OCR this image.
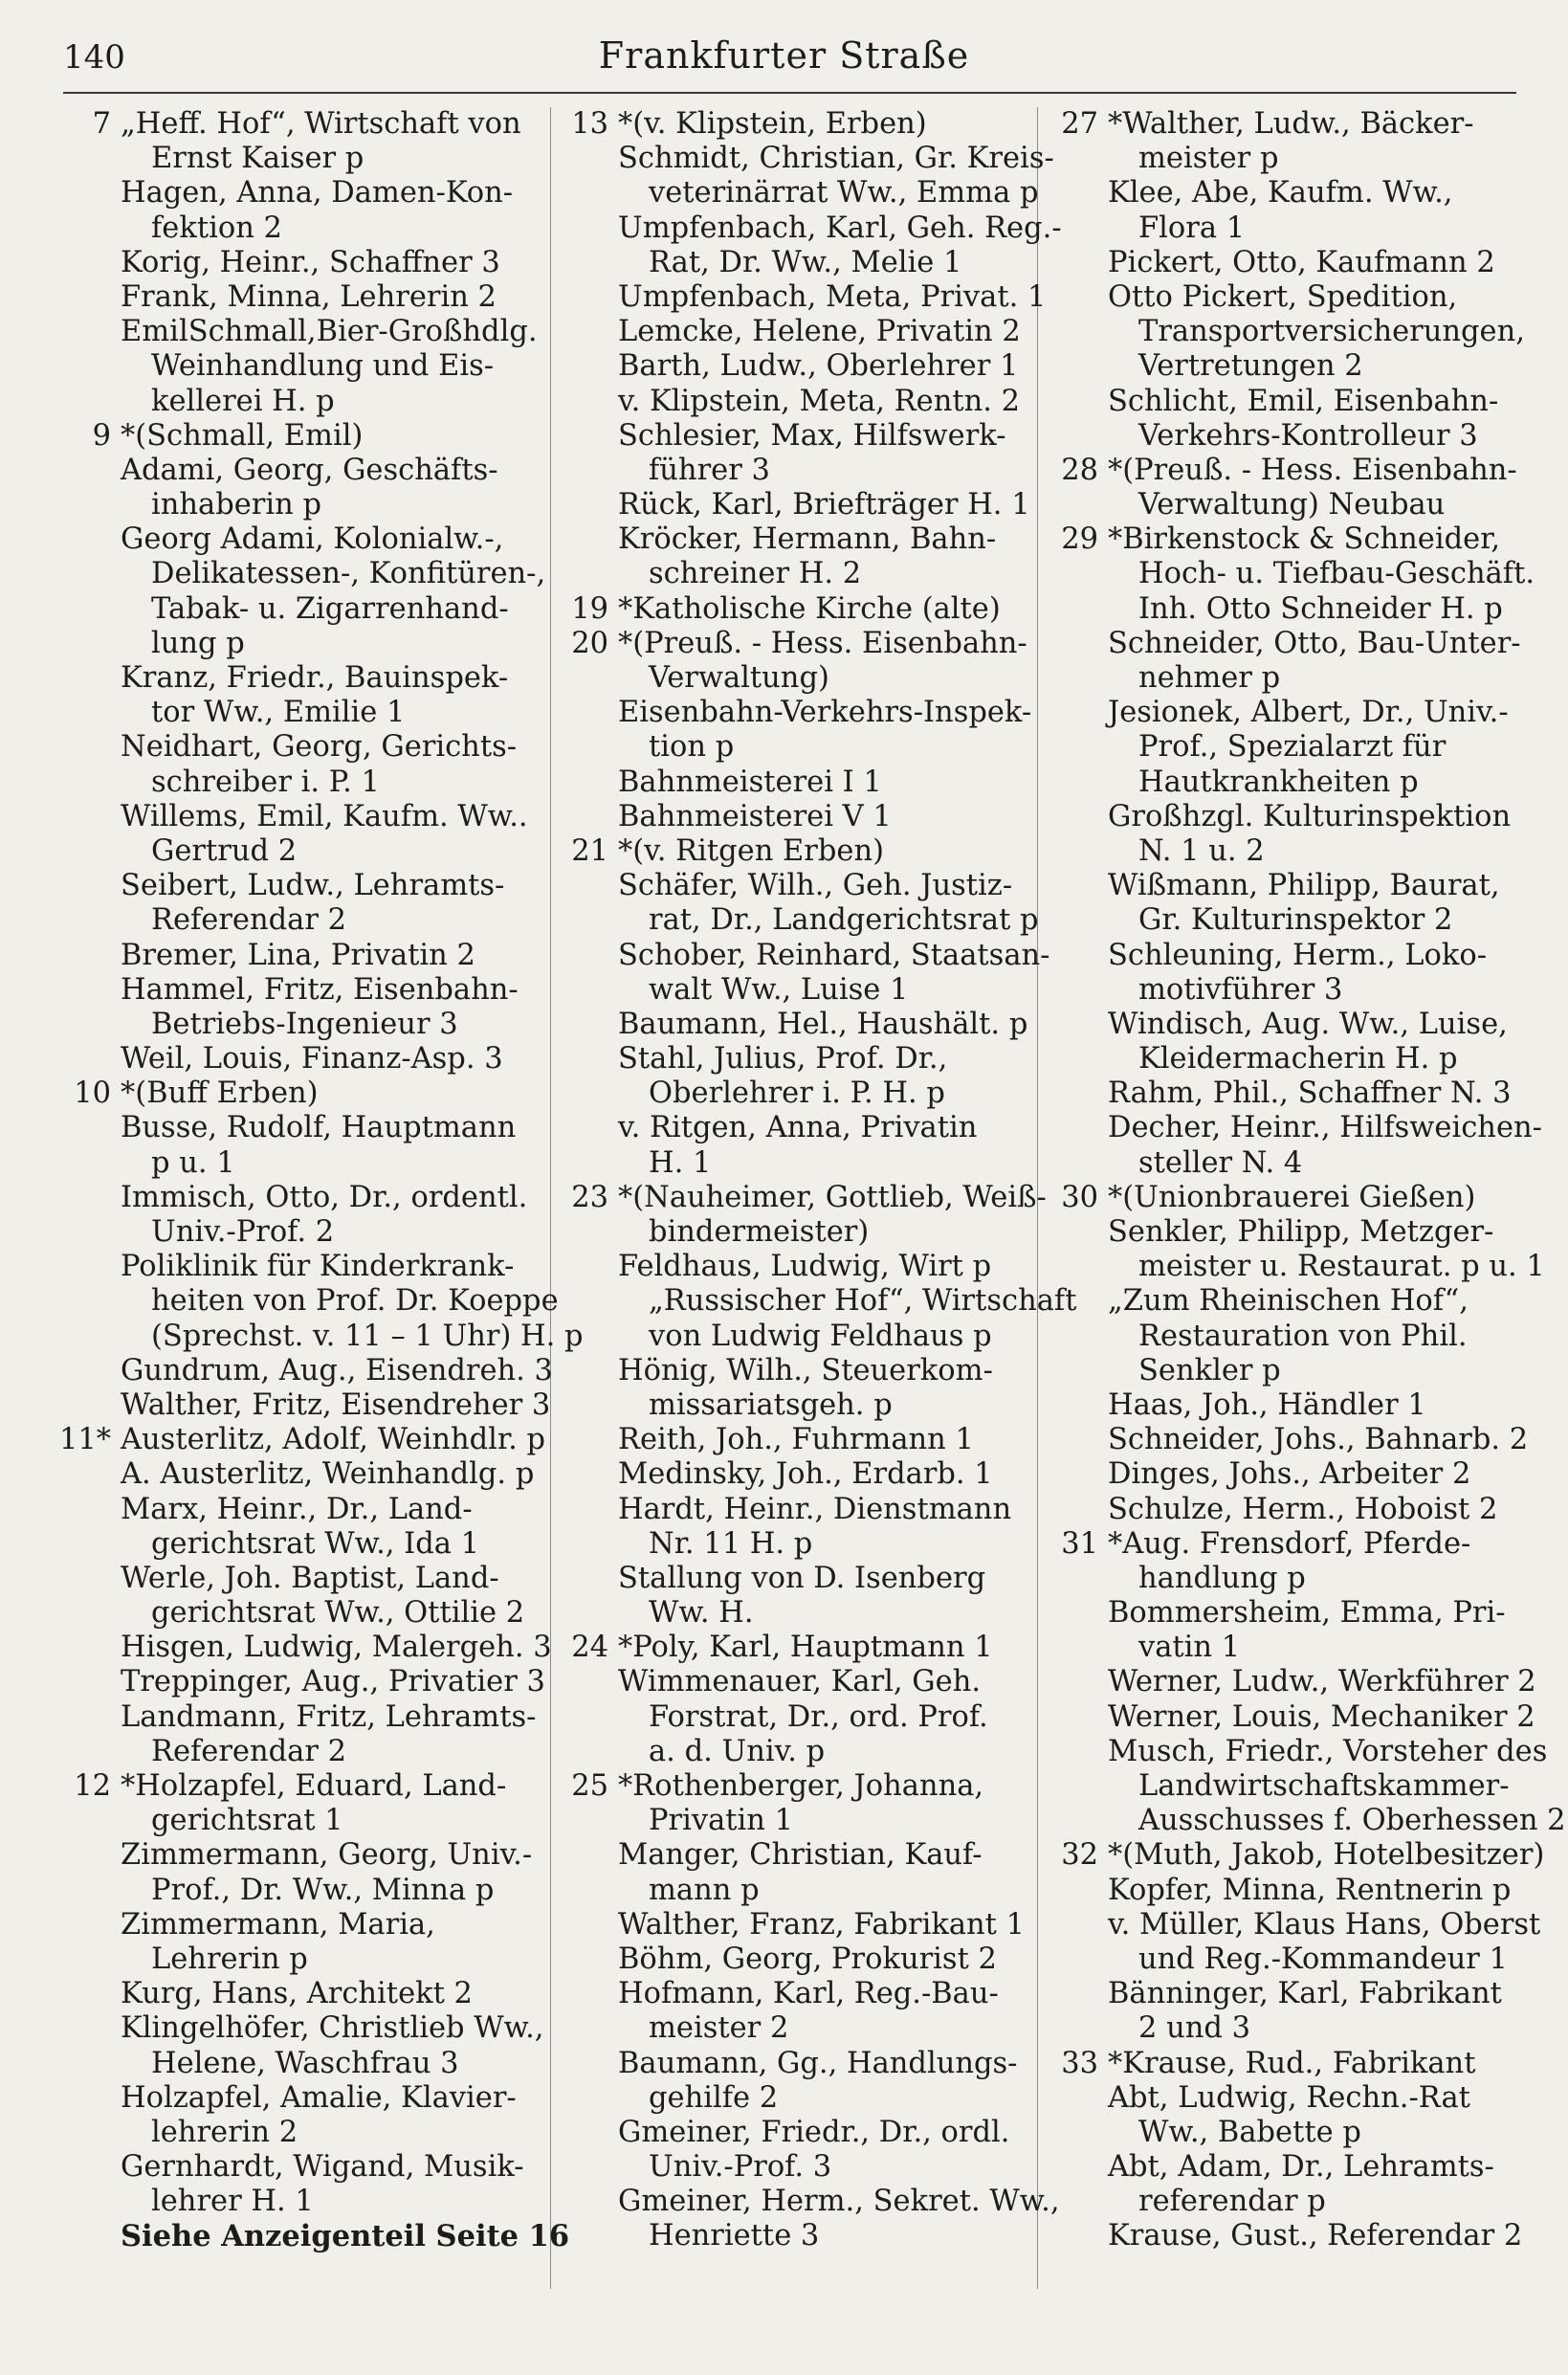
140	Frankfurter Straße
7 „Heff. Hof“, Wirtschaft von
Ernst Kaiser p
Hagen, Anna, Damen-Kon-
fektion 2
Korig, Heinr., Schaffner 3
Frank, Minna, Lehrerin 2
EmilSchmall,Bier-Großhdlg.
Weinhandlung und Eis-
kellerei H. p
9 *(Schmall, Emil)
Adami, Georg, Geschäfts-
inhaberin p
Georg Adami, Kolonialw.-,
Delikatessen-, Konfitüren-,
Tabak- u. Zigarrenhand-
lung p
Kranz, Friedr., Bauinspek-
tor Ww., Emilie 1
Neidhart, Georg, Gerichts-
schreiber i. P. 1
Willems, Emil, Kaufm. Ww..
Gertrud 2
Seibert, Ludw., Lehramts-
Referendar 2
Bremer, Lina, Privatin 2
Hammel, Fritz, Eisenbahn-
Betriebs-Ingenieur 3
Weil, Louis, Finanz-Asp. 3
10 *(Buff Erben)
Busse, Rudolf, Hauptmann
p u. 1
Immisch, Otto, Dr., ordentl.
Univ.-Prof. 2
Poliklinik für Kinderkrank-
heiten von Prof. Dr. Koeppe
(Sprechst. v. 11 – 1 Uhr) H. p
Gundrum, Aug., Eisendreh. 3
Walther, Fritz, Eisendreher 3
11* Austerlitz, Adolf, Weinhdlr. p
A. Austerlitz, Weinhandlg. p
Marx, Heinr., Dr., Land-
gerichtsrat Ww., Ida 1
Werle, Joh. Baptist, Land-
gerichtsrat Ww., Ottilie 2
Hisgen, Ludwig, Malergeh. 3
Treppinger, Aug., Privatier 3
Landmann, Fritz, Lehramts-
Referendar 2
12 *Holzapfel, Eduard, Land-
gerichtsrat 1
Zimmermann, Georg, Univ.-
Prof., Dr. Ww., Minna p
Zimmermann, Maria,
Lehrerin p
Kurg, Hans, Architekt 2
Klingelhöfer, Christlieb Ww.,
Helene, Waschfrau 3
Holzapfel, Amalie, Klavier-
lehrerin 2
Gernhardt, Wigand, Musik-
lehrer H. 1
Siehe Anzeigenteil Seite 16
13 *(v. Klipstein, Erben)
Schmidt, Christian, Gr. Kreis-
veterinärrat Ww., Emma p
Umpfenbach, Karl, Geh. Reg.-
Rat, Dr. Ww., Melie 1
Umpfenbach, Meta, Privat. 1
Lemcke, Helene, Privatin 2
Barth, Ludw., Oberlehrer 1
v. Klipstein, Meta, Rentn. 2
Schlesier, Max, Hilfswerk-
führer 3
Rück, Karl, Briefträger H. 1
Kröcker, Hermann, Bahn-
schreiner H. 2
19 *Katholische Kirche (alte)
20 *(Preuß. - Hess. Eisenbahn-
Verwaltung)
Eisenbahn-Verkehrs-Inspek-
tion p
Bahnmeisterei I 1
Bahnmeisterei V 1
21 *(v. Ritgen Erben)
Schäfer, Wilh., Geh. Justiz-
rat, Dr., Landgerichtsrat p
Schober, Reinhard, Staatsan-
walt Ww., Luise 1
Baumann, Hel., Haushält. p
Stahl, Julius, Prof. Dr.,
Oberlehrer i. P. H. p
v. Ritgen, Anna, Privatin
H. 1
23 *(Nauheimer, Gottlieb, Weiß-
bindermeister)
Feldhaus, Ludwig, Wirt p
„Russischer Hof“, Wirtschaft
von Ludwig Feldhaus p
Hönig, Wilh., Steuerkom-
missariatsgeh. p
Reith, Joh., Fuhrmann 1
Medinsky, Joh., Erdarb. 1
Hardt, Heinr., Dienstmann
Nr. 11 H. p
Stallung von D. Isenberg
Ww. H.
24 *Poly, Karl, Hauptmann 1
Wimmenauer, Karl, Geh.
Forstrat, Dr., ord. Prof.
a. d. Univ. p
25 *Rothenberger, Johanna,
Privatin 1
Manger, Christian, Kauf-
mann p
Walther, Franz, Fabrikant 1
Böhm, Georg, Prokurist 2
Hofmann, Karl, Reg.-Bau-
meister 2
Baumann, Gg., Handlungs-
gehilfe 2
Gmeiner, Friedr., Dr., ordl.
Univ.-Prof. 3
Gmeiner, Herm., Sekret. Ww.,
Henriette 3
27 *Walther, Ludw., Bäcker-
meister p
Klee, Abe, Kaufm. Ww.,
Flora 1
Pickert, Otto, Kaufmann 2
Otto Pickert, Spedition,
Transportversicherungen,
Vertretungen 2
Schlicht, Emil, Eisenbahn-
Verkehrs-Kontrolleur 3
28 *(Preuß. - Hess. Eisenbahn-
Verwaltung) Neubau
29 *Birkenstock & Schneider,
Hoch- u. Tiefbau-Geschäft.
Inh. Otto Schneider H. p
Schneider, Otto, Bau-Unter-
nehmer p
Jesionek, Albert, Dr., Univ.-
Prof., Spezialarzt für
Hautkrankheiten p
Großhzgl. Kulturinspektion
N. 1 u. 2
Wißmann, Philipp, Baurat,
Gr. Kulturinspektor 2
Schleuning, Herm., Loko-
motivführer 3
Windisch, Aug. Ww., Luise,
Kleidermacherin H. p
Rahm, Phil., Schaffner N. 3
Decher, Heinr., Hilfsweichen-
steller N. 4
30 *(Unionbrauerei Gießen)
Senkler, Philipp, Metzger-
meister u. Restaurat. p u. 1
„Zum Rheinischen Hof“,
Restauration von Phil.
Senkler p
Haas, Joh., Händler 1
Schneider, Johs., Bahnarb. 2
Dinges, Johs., Arbeiter 2
Schulze, Herm., Hoboist 2
31 *Aug. Frensdorf, Pferde-
handlung p
Bommersheim, Emma, Pri-
vatin 1
Werner, Ludw., Werkführer 2
Werner, Louis, Mechaniker 2
Musch, Friedr., Vorsteher des
Landwirtschaftskammer-
Ausschusses f. Oberhessen 2
32 *(Muth, Jakob, Hotelbesitzer)
Kopfer, Minna, Rentnerin p
v. Müller, Klaus Hans, Oberst
und Reg.-Kommandeur 1
Bänninger, Karl, Fabrikant
2 und 3
33 *Krause, Rud., Fabrikant
Abt, Ludwig, Rechn.-Rat
Ww., Babette p
Abt, Adam, Dr., Lehramts-
referendar p
Krause, Gust., Referendar 2
